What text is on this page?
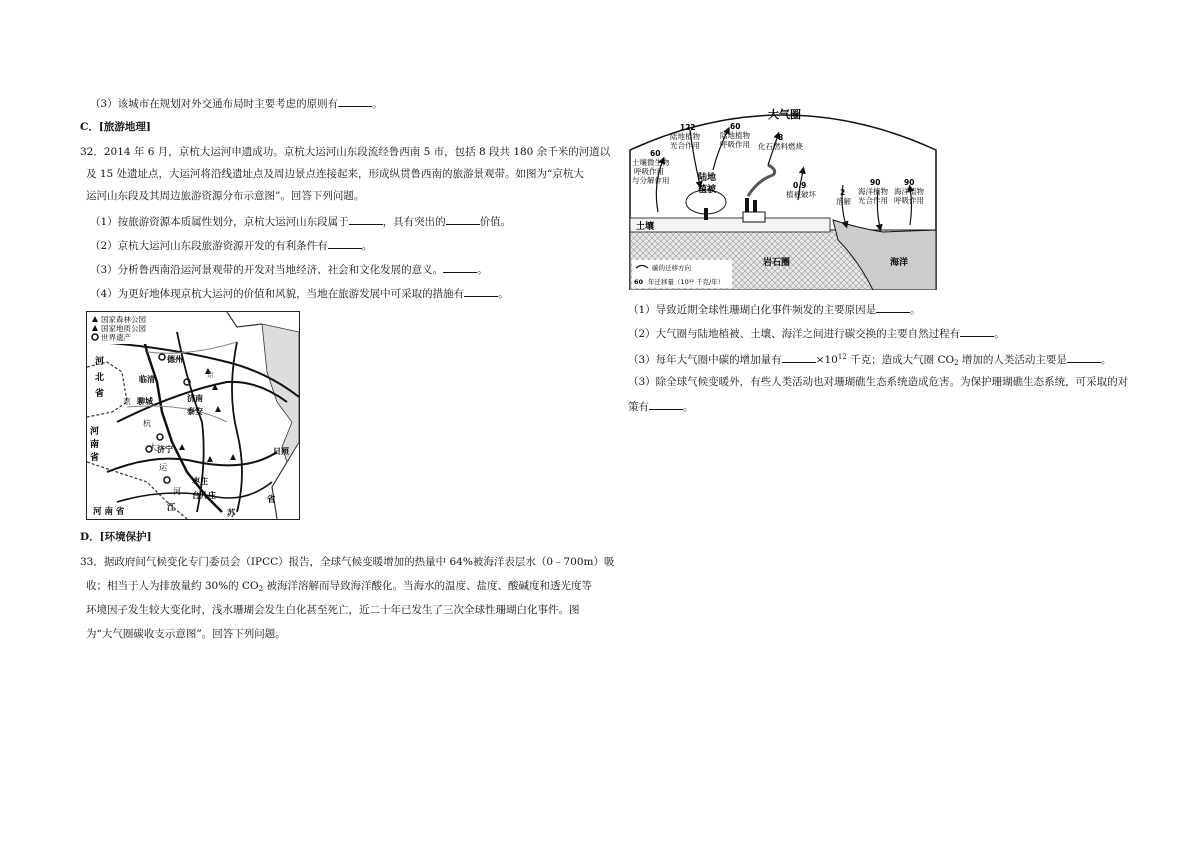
（3）该城市在规划对外交通布局时主要考虑的原则有	。
C．[旅游地理]
32．2014 年 6 月，京杭大运河申遗成功。京杭大运河山东段流经鲁西南 5 市，包括 8 段共 180 余千米的河道以
及 15 处遗址点，大运河将沿线遗址点及周边景点连接起来，形成纵贯鲁西南的旅游景观带。如图为“京杭大
运河山东段及其周边旅游资源分布示意图”。回答下列问题。
（1）按旅游资源本质属性划分，京杭大运河山东段属于	，具有突出的	价值。
（2）京杭大运河山东段旅游资源开发的有利条件有	。
（3）分析鲁西南沿运河景观带的开发对当地经济、社会和文化发展的意义。	。
（4）为更好地体现京杭大运河的价值和风貌，当地在旅游发展中可采取的措施有	。
国家森林公园
国家地质公园
世界遗产
河
北
省
河
南
省
河 南 省
德州
临清
聊城	济南
泰安
济宁
枣庄
台儿庄
日照
京
杭
大
运
河
江
苏
省
京
D．[环境保护]
33．据政府间气候变化专门委员会（IPCC）报告，全球气候变暖增加的热量中 64%被海洋表层水（0﹣700m）吸
收；相当于人为排放量约 30%的 $CO_2$ 被海洋溶解而导致海洋酸化。当海水的温度、盐度、酸碱度和透光度等
环境因子发生较大变化时，浅水珊瑚会发生白化甚至死亡，近二十年已发生了三次全球性珊瑚白化事件。图
为“大气圈碳收支示意图”。回答下列问题。
大气圈
122
陆地植物
光合作用
60
陆地植物
呼吸作用
8
化石燃料燃烧
60
土壤微生物
呼吸作用
与分解作用	陆地
植被	0.9
植被破坏	2
溶解
90
海洋植物
光合作用
90
海洋植物
呼吸作用
土壤
岩石圈	海洋
碳的迁移方向
60 年迁移量（10¹² 千克/年）
（1）导致近期全球性珊瑚白化事件频发的主要原因是	。
（2）大气圈与陆地植被、土壤、海洋之间进行碳交换的主要自然过程有	。
（3）每年大气圈中碳的增加量有	$\times 10^{12}$ 千克；造成大气圈 $CO_2$ 增加的人类活动主要是	。
（3）除全球气候变暖外，有些人类活动也对珊瑚礁生态系统造成危害。为保护珊瑚礁生态系统，可采取的对
策有	。
